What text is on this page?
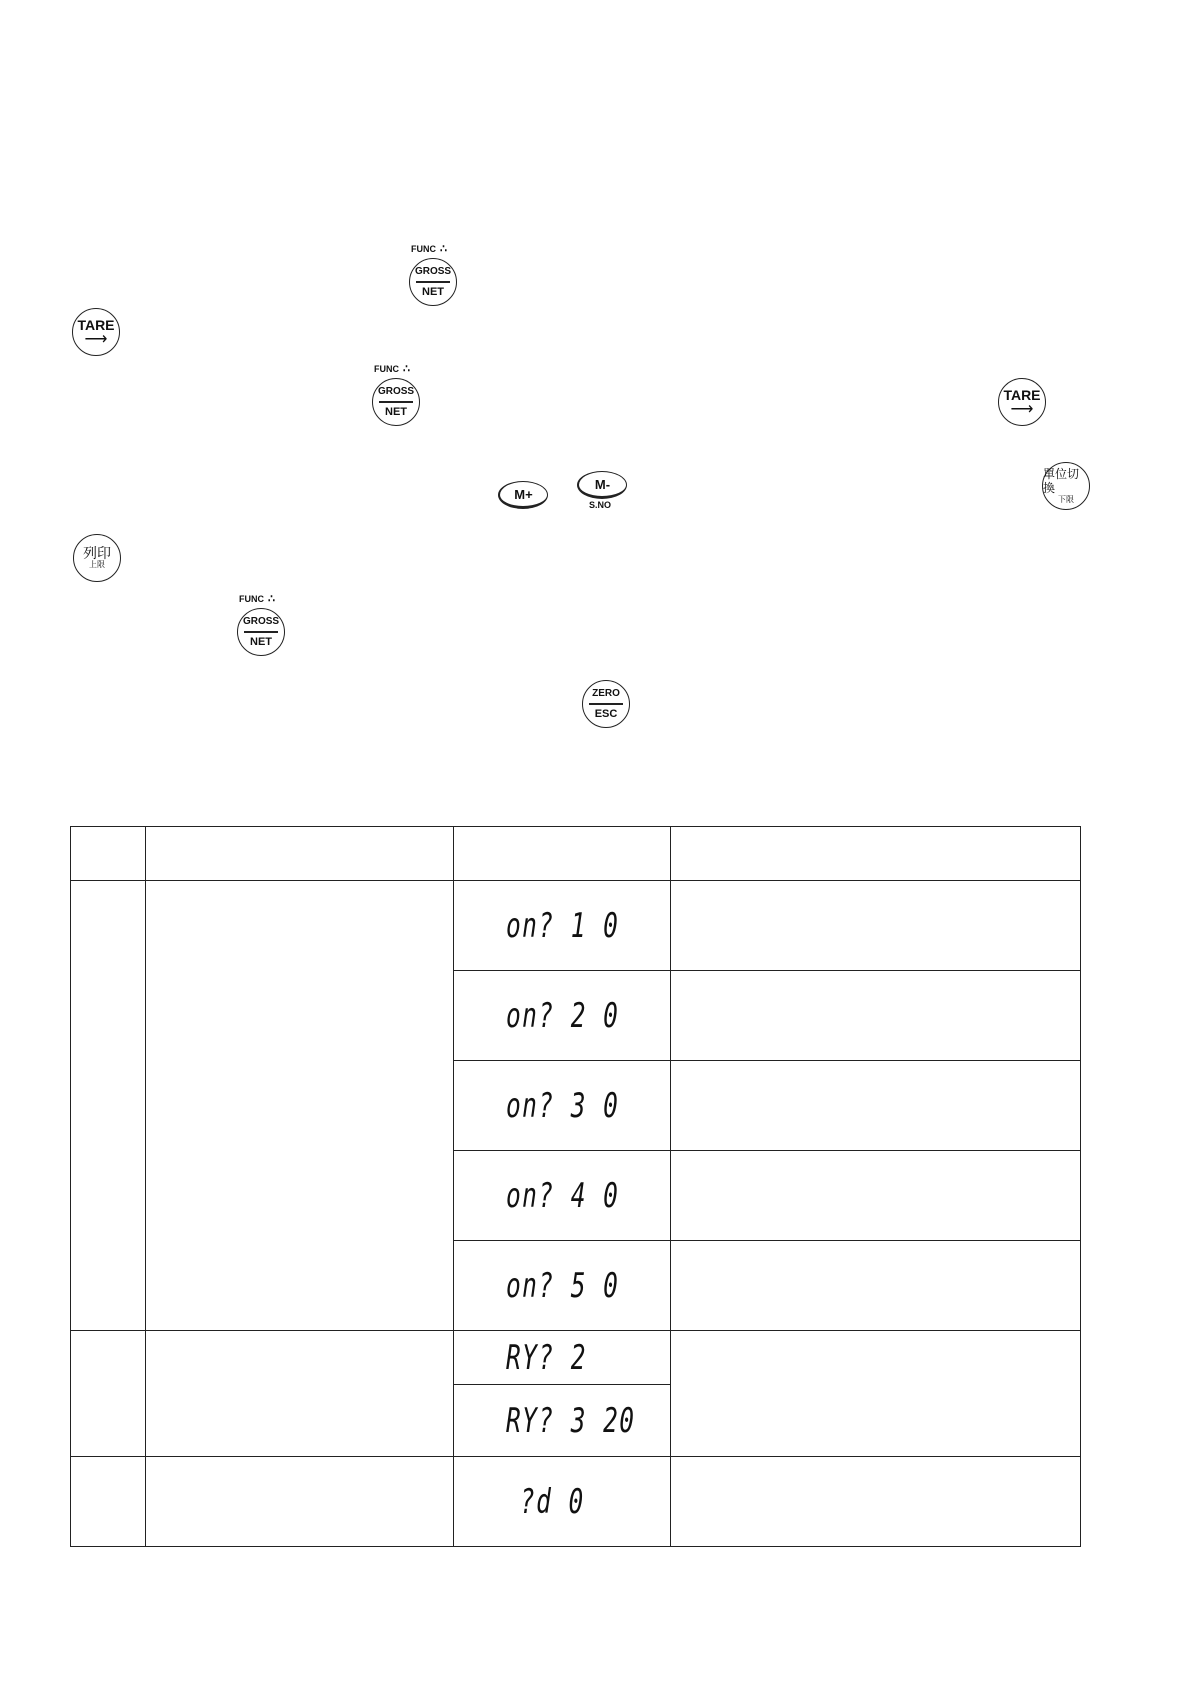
FUNC ∴
GROSS
NET
TARE
⟶
FUNC ∴
GROSS
NET
TARE
⟶
M+
M-
S.NO
單位切換
下限
列印
上限
FUNC ∴
GROSS
NET
ZERO
ESC

		on? 1 0	

		on? 2 0	

		on? 3 0	

		on? 4 0	

		on? 5 0	

		RY? 2	

		RY? 3 20	

		?d 0	
